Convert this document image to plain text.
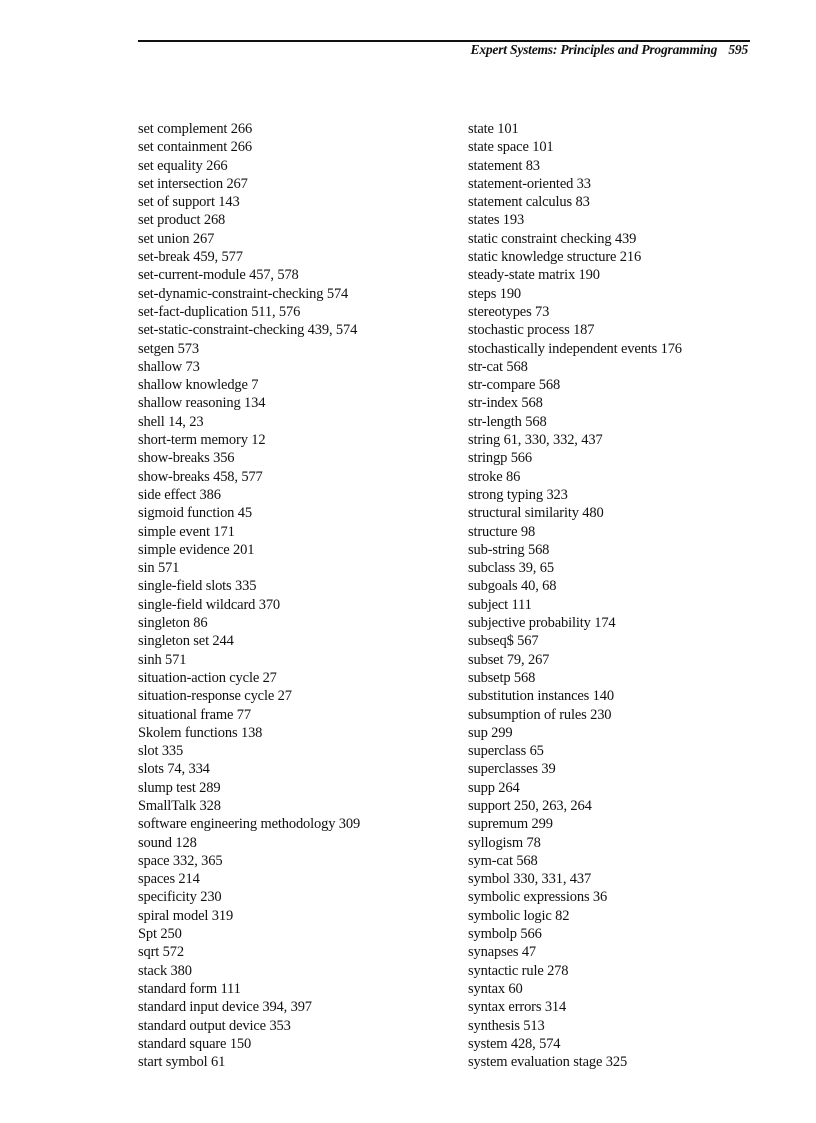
Expert Systems: Principles and Programming 595
set complement 266
set containment 266
set equality 266
set intersection 267
set of support 143
set product 268
set union 267
set-break 459, 577
set-current-module 457, 578
set-dynamic-constraint-checking 574
set-fact-duplication 511, 576
set-static-constraint-checking 439, 574
setgen 573
shallow 73
shallow knowledge 7
shallow reasoning 134
shell 14, 23
short-term memory 12
show-breaks 356
show-breaks 458, 577
side effect 386
sigmoid function 45
simple event 171
simple evidence 201
sin 571
single-field slots 335
single-field wildcard 370
singleton 86
singleton set 244
sinh 571
situation-action cycle 27
situation-response cycle 27
situational frame 77
Skolem functions 138
slot 335
slots 74, 334
slump test 289
SmallTalk 328
software engineering methodology 309
sound 128
space 332, 365
spaces 214
specificity 230
spiral model 319
Spt 250
sqrt 572
stack 380
standard form 111
standard input device 394, 397
standard output device 353
standard square 150
start symbol 61
state 101
state space 101
statement 83
statement-oriented 33
statement calculus 83
states 193
static constraint checking 439
static knowledge structure 216
steady-state matrix 190
steps 190
stereotypes 73
stochastic process 187
stochastically independent events 176
str-cat 568
str-compare 568
str-index 568
str-length 568
string 61, 330, 332, 437
stringp 566
stroke 86
strong typing 323
structural similarity 480
structure 98
sub-string 568
subclass 39, 65
subgoals 40, 68
subject 111
subjective probability 174
subseq$ 567
subset 79, 267
subsetp 568
substitution instances 140
subsumption of rules 230
sup 299
superclass 65
superclasses 39
supp 264
support 250, 263, 264
supremum 299
syllogism 78
sym-cat 568
symbol 330, 331, 437
symbolic expressions 36
symbolic logic 82
symbolp 566
synapses 47
syntactic rule 278
syntax 60
syntax errors 314
synthesis 513
system 428, 574
system evaluation stage 325
